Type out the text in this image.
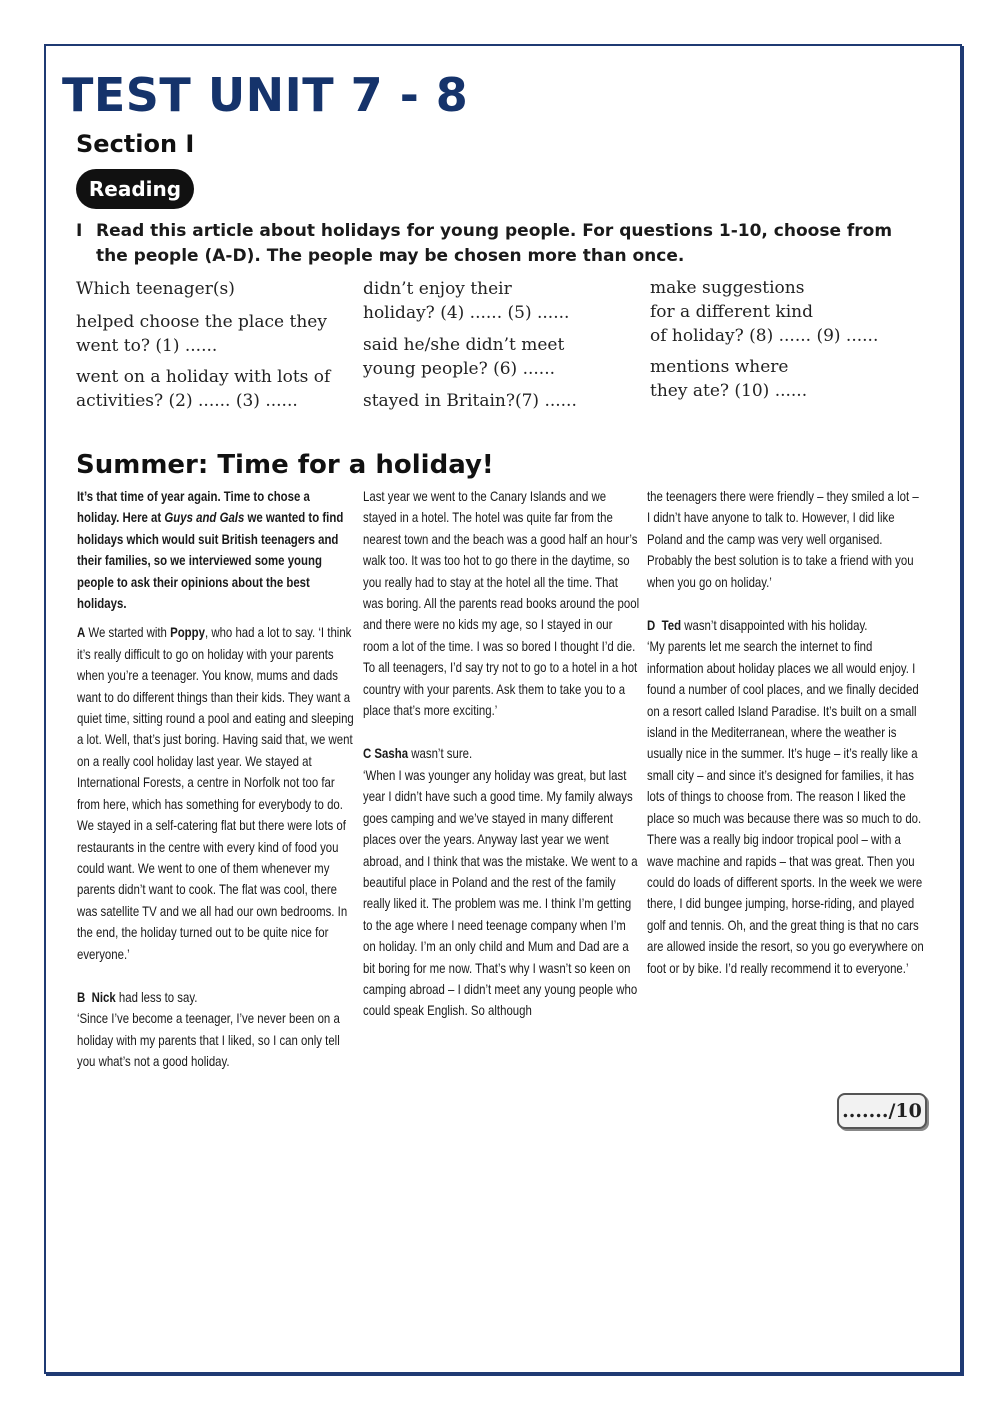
TEST UNIT 7 - 8
Section I
Reading
I Read this article about holidays for young people. For questions 1-10, choose from the people (A-D). The people may be chosen more than once.
Which teenager(s)
helped choose the place they
went to? (1) ......
went on a holiday with lots of
activities? (2) ...... (3) ......
didn’t enjoy their
holiday? (4) ...... (5) ......
said he/she didn’t meet
young people? (6) ......
stayed in Britain?(7) ......
make suggestions
for a different kind
of holiday? (8) ...... (9) ......
mentions where
they ate? (10) ......
Summer: Time for a holiday!

It’s that time of year again. Time to chose a holiday. Here at Guys and Gals we wanted to find holidays which would suit British teenagers and their families, so we interviewed some young people to ask their opinions about the best holidays.

A We started with Poppy, who had a lot to say. ‘I think it’s really difficult to go on holiday with your parents when you’re a teenager. You know, mums and dads want to do different things than their kids. They want a quiet time, sitting round a pool and eating and sleeping a lot. Well, that’s just boring. Having said that, we went on a really cool holiday last year. We stayed at International Forests, a centre in Norfolk not too far from here, which has something for everybody to do. We stayed in a self-catering flat but there were lots of restaurants in the centre with every kind of food you could want. We went to one of them whenever my parents didn’t want to cook. The flat was cool, there was satellite TV and we all had our own bedrooms. In the end, the holiday turned out to be quite nice for everyone.’

B Nick had less to say.

‘Since I’ve become a teenager, I’ve never been on a holiday with my parents that I liked, so I can only tell you what’s not a good holiday.

Last year we went to the Canary Islands and we stayed in a hotel. The hotel was quite far from the nearest town and the beach was a good half an hour’s walk too. It was too hot to go there in the daytime, so you really had to stay at the hotel all the time. That was boring. All the parents read books around the pool and there were no kids my age, so I stayed in our room a lot of the time. I was so bored I thought I’d die. To all teenagers, I’d say try not to go to a hotel in a hot country with your parents. Ask them to take you to a place that’s more exciting.’

C Sasha wasn’t sure.

‘When I was younger any holiday was great, but last year I didn’t have such a good time. My family always goes camping and we’ve stayed in many different places over the years. Anyway last year we went abroad, and I think that was the mistake. We went to a beautiful place in Poland and the rest of the family really liked it. The problem was me. I think I’m getting to the age where I need teenage company when I’m on holiday. I’m an only child and Mum and Dad are a bit boring for me now. That’s why I wasn’t so keen on camping abroad – I didn’t meet any young people who could speak English. So although

the teenagers there were friendly – they smiled a lot – I didn’t have anyone to talk to. However, I did like Poland and the camp was very well organised. Probably the best solution is to take a friend with you when you go on holiday.’

D Ted wasn’t disappointed with his holiday.

‘My parents let me search the internet to find information about holiday places we all would enjoy. I found a number of cool places, and we finally decided on a resort called Island Paradise. It’s built on a small island in the Mediterranean, where the weather is usually nice in the summer. It’s huge – it’s really like a small city – and since it’s designed for families, it has lots of things to choose from. The reason I liked the place so much was because there was so much to do. There was a really big indoor tropical pool – with a wave machine and rapids – that was great. Then you could do loads of different sports. In the week we were there, I did bungee jumping, horse-riding, and played golf and tennis. Oh, and the great thing is that no cars are allowed inside the resort, so you go everywhere on foot or by bike. I’d really recommend it to everyone.’

......./10
